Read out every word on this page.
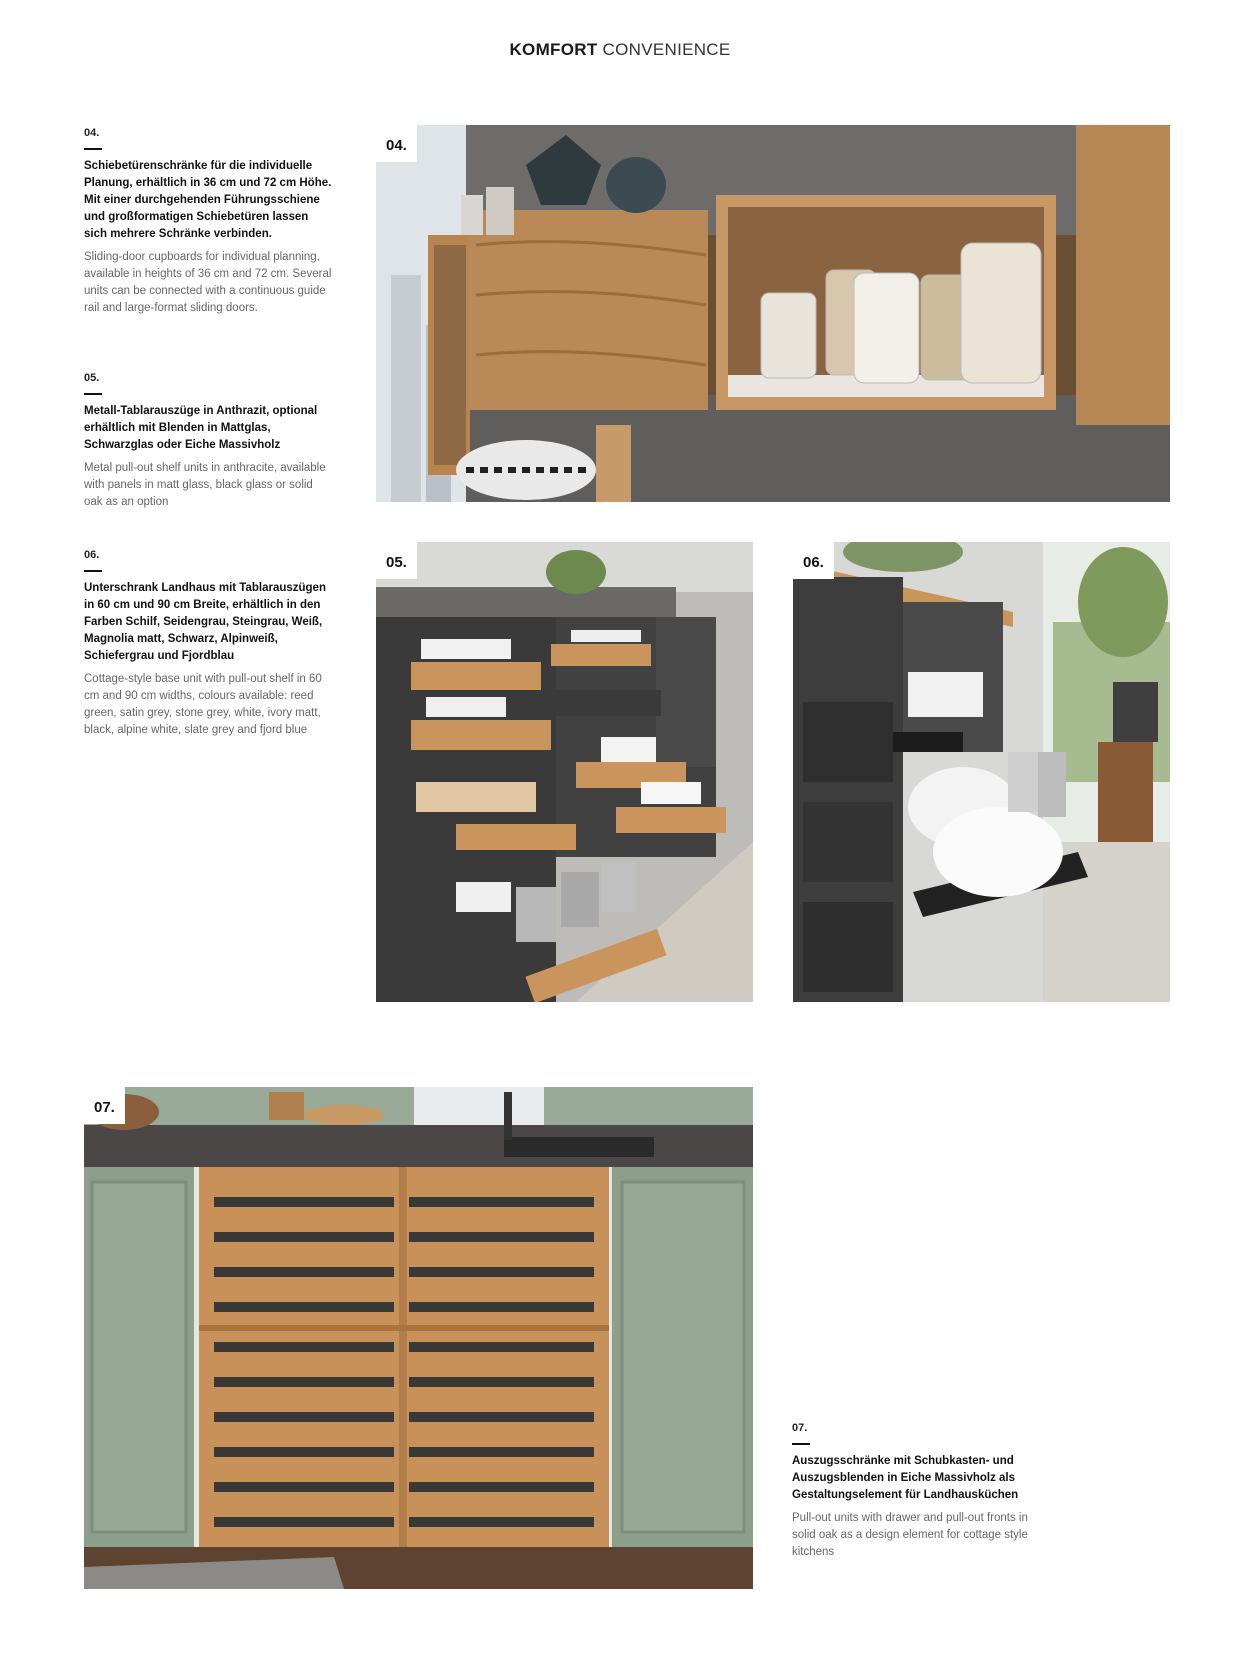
KOMFORT CONVENIENCE

04.

Schiebetürenschränke für die individuelle Planung, erhältlich in 36 cm und 72 cm Höhe. Mit einer durchgehenden Führungsschiene und großformatigen Schiebetüren lassen sich mehrere Schränke verbinden.

Sliding-door cupboards for individual planning, available in heights of 36 cm and 72 cm. Several units can be connected with a continuous guide rail and large-format sliding doors.

05.

Metall-Tablarauszüge in Anthrazit, optional erhältlich mit Blenden in Mattglas, Schwarzglas oder Eiche Massivholz

Metal pull-out shelf units in anthracite, available with panels in matt glass, black glass or solid oak as an option

06.

Unterschrank Landhaus mit Tablarauszügen in 60 cm und 90 cm Breite, erhältlich in den Farben Schilf, Seidengrau, Steingrau, Weiß, Magnolia matt, Schwarz, Alpinweiß, Schiefergrau und Fjordblau

Cottage-style base unit with pull-out shelf in 60 cm and 90 cm widths, colours available: reed green, satin grey, stone grey, white, ivory matt, black, alpine white, slate grey and fjord blue

07.

Auszugsschränke mit Schubkasten- und Auszugsblenden in Eiche Massivholz als Gestaltungselement für Landhausküchen

Pull-out units with drawer and pull-out fronts in solid oak as a design element for cottage style kitchens

04.
05.	06.
07.
